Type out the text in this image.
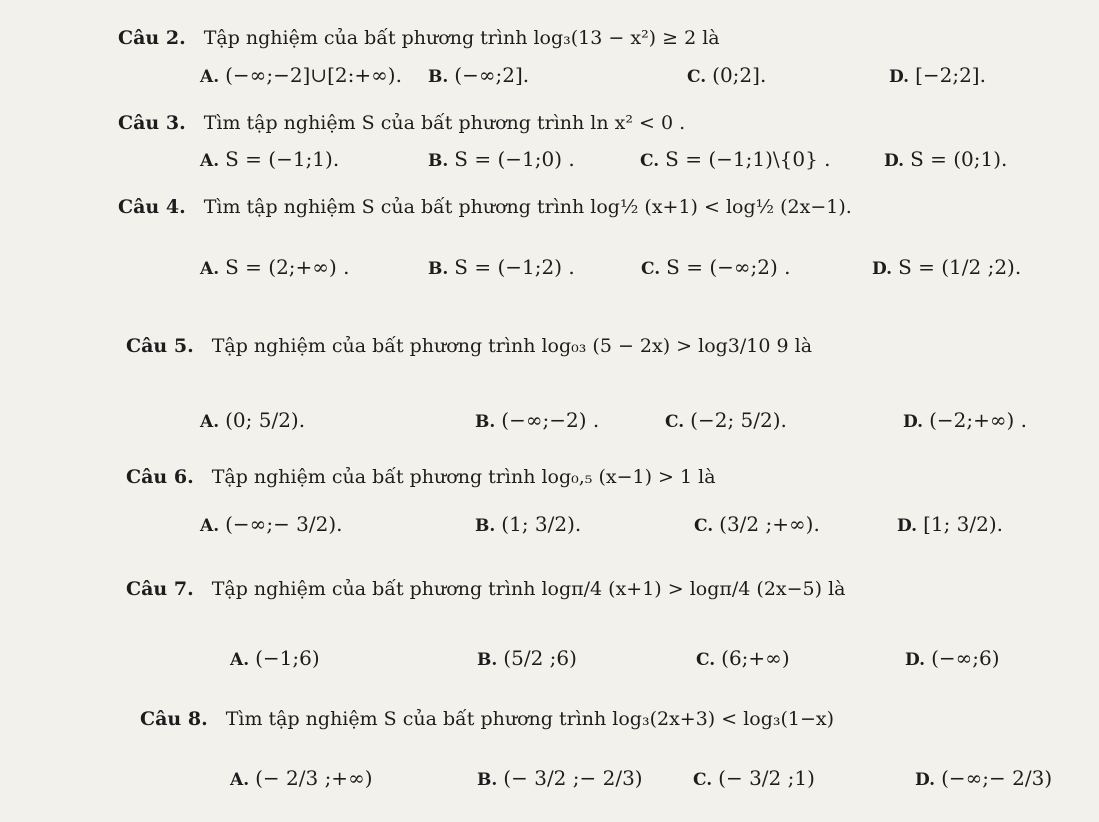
Câu 2. Tập nghiệm của bất phương trình log₃(13 − x²) ≥ 2 là
A. (−∞;−2]∪[2:+∞). B. (−∞;2].	C. (0;2].	D. [−2;2].
Câu 3. Tìm tập nghiệm S của bất phương trình ln x² < 0 .
A. S = (−1;1).	B. S = (−1;0) .	C. S = (−1;1)\{0} .	D. S = (0;1).
Câu 4. Tìm tập nghiệm S của bất phương trình log½ (x+1) < log½ (2x−1).
A. S = (2;+∞) .	B. S = (−1;2) .	C. S = (−∞;2) .	D. S = (1/2 ;2).
Câu 5. Tập nghiệm của bất phương trình log₀₃ (5 − 2x) > log3/10 9 là
A. (0; 5/2).	B. (−∞;−2) .	C. (−2; 5/2).	D. (−2;+∞) .
Câu 6. Tập nghiệm của bất phương trình log₀,₅ (x−1) > 1 là
A. (−∞;− 3/2).	B. (1; 3/2).	C. (3/2 ;+∞).	D. [1; 3/2).
Câu 7. Tập nghiệm của bất phương trình logπ/4 (x+1) > logπ/4 (2x−5) là
A. (−1;6)	B. (5/2 ;6)	C. (6;+∞)	D. (−∞;6)
Câu 8. Tìm tập nghiệm S của bất phương trình log₃(2x+3) < log₃(1−x)
A. (− 2/3 ;+∞)	B. (− 3/2 ;− 2/3)	C. (− 3/2 ;1)	D. (−∞;− 2/3)
